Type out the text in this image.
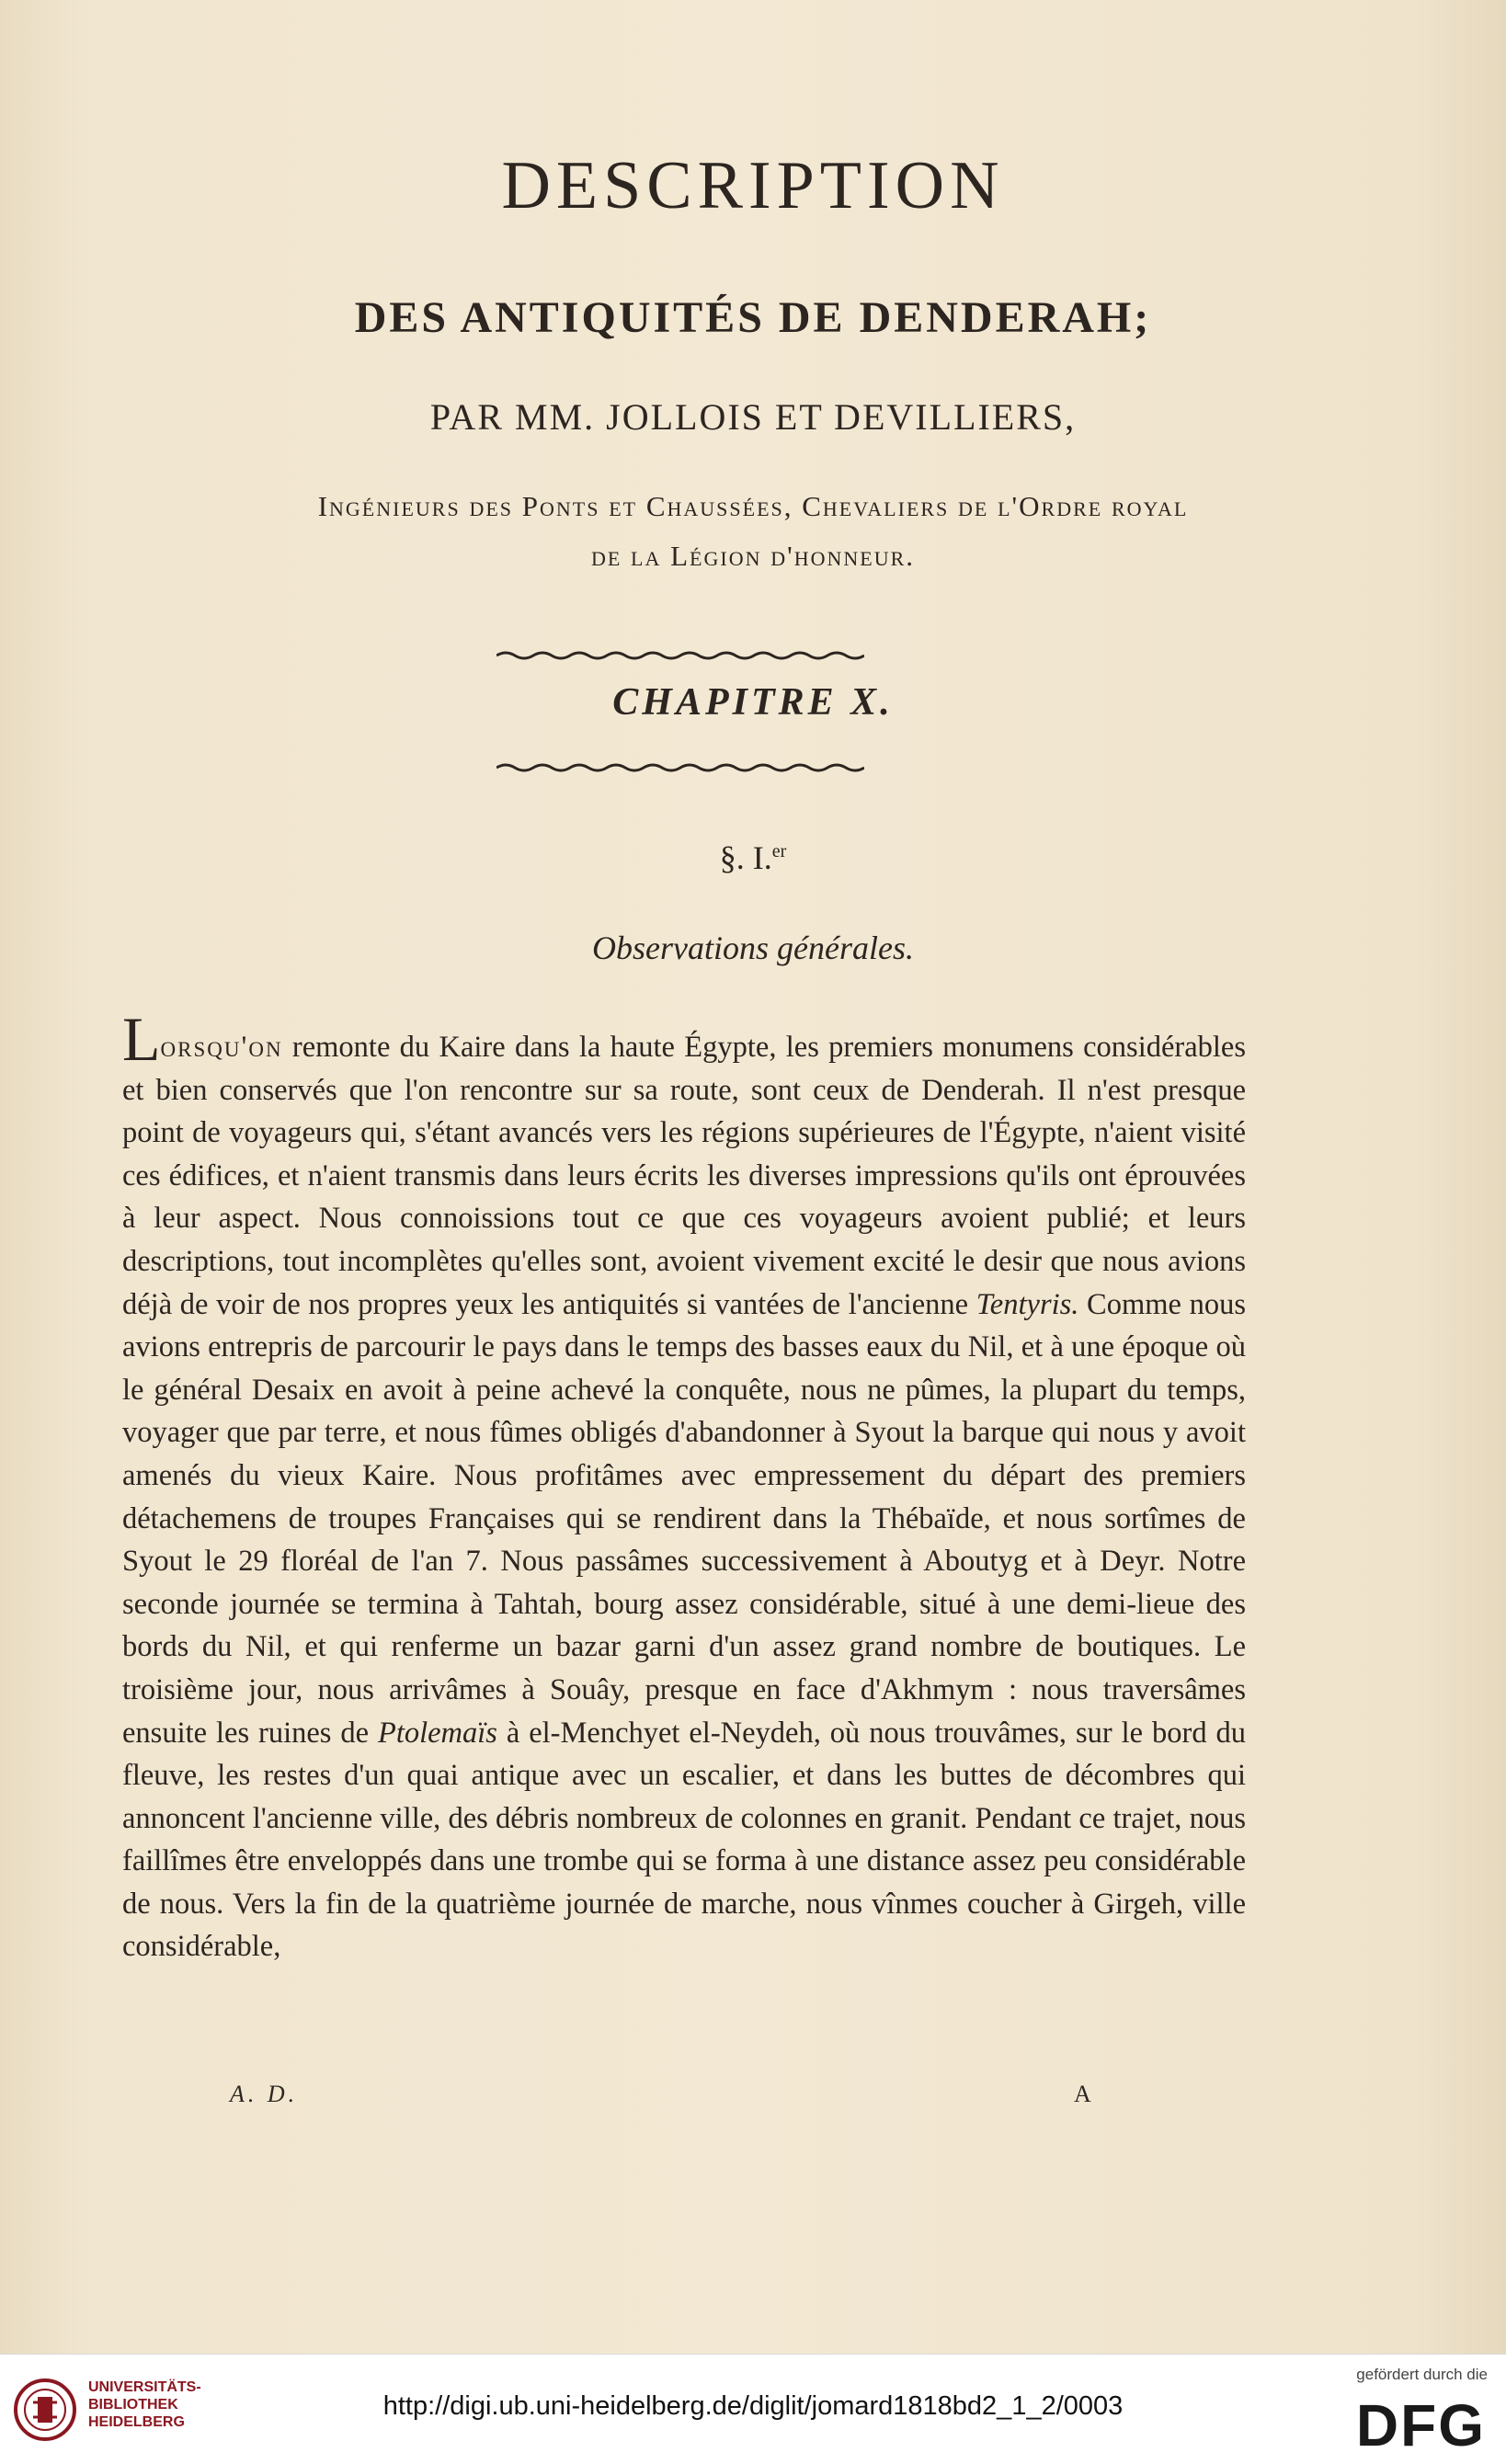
DESCRIPTION
DES ANTIQUITÉS DE DENDERAH;

PAR MM. JOLLOIS ET DEVILLIERS,

Ingénieurs des Ponts et Chaussées, Chevaliers de l'Ordre royal

de la Légion d'honneur.

CHAPITRE X.

§. I.$^{er}$

Observations générales.

Lorsqu'on remonte du Kaire dans la haute Égypte, les premiers monumens considérables et bien conservés que l'on rencontre sur sa route, sont ceux de Denderah. Il n'est presque point de voyageurs qui, s'étant avancés vers les régions supérieures de l'Égypte, n'aient visité ces édifices, et n'aient transmis dans leurs écrits les diverses impressions qu'ils ont éprouvées à leur aspect. Nous connoissions tout ce que ces voyageurs avoient publié; et leurs descriptions, tout incomplètes qu'elles sont, avoient vivement excité le desir que nous avions déjà de voir de nos propres yeux les antiquités si vantées de l'ancienne Tentyris. Comme nous avions entrepris de parcourir le pays dans le temps des basses eaux du Nil, et à une époque où le général Desaix en avoit à peine achevé la conquête, nous ne pûmes, la plupart du temps, voyager que par terre, et nous fûmes obligés d'abandonner à Syout la barque qui nous y avoit amenés du vieux Kaire. Nous profitâmes avec empressement du départ des premiers détachemens de troupes Françaises qui se rendirent dans la Thébaïde, et nous sortîmes de Syout le 29 floréal de l'an 7. Nous passâmes successivement à Aboutyg et à Deyr. Notre seconde journée se termina à Tahtah, bourg assez considérable, situé à une demi-lieue des bords du Nil, et qui renferme un bazar garni d'un assez grand nombre de boutiques. Le troisième jour, nous arrivâmes à Souây, presque en face d'Akhmym : nous traversâmes ensuite les ruines de Ptolemaïs à el-Menchyet el-Neydeh, où nous trouvâmes, sur le bord du fleuve, les restes d'un quai antique avec un escalier, et dans les buttes de décombres qui annoncent l'ancienne ville, des débris nombreux de colonnes en granit. Pendant ce trajet, nous faillîmes être enveloppés dans une trombe qui se forma à une distance assez peu considérable de nous. Vers la fin de la quatrième journée de marche, nous vînmes coucher à Girgeh, ville considérable,

A. D.	A
UNIVERSITÄTS-
BIBLIOTHEK
HEIDELBERG
http://digi.ub.uni-heidelberg.de/diglit/jomard1818bd2_1_2/0003
gefördert durch die
DFG
